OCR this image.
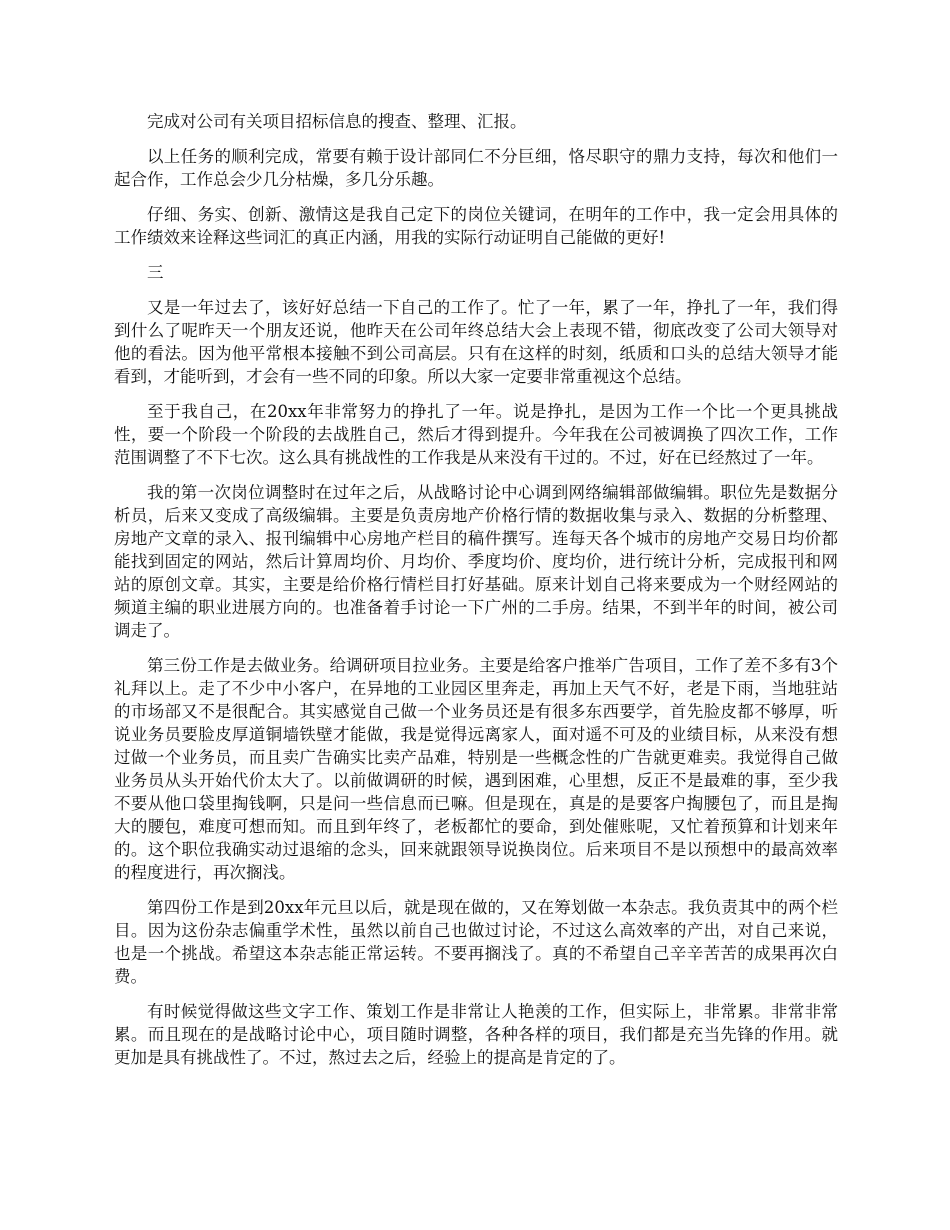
完成对公司有关项目招标信息的搜查、整理、汇报。

以上任务的顺利完成，常要有赖于设计部同仁不分巨细，恪尽职守的鼎力支持，每次和他们一起合作，工作总会少几分枯燥，多几分乐趣。

仔细、务实、创新、激情这是我自己定下的岗位关键词，在明年的工作中，我一定会用具体的工作绩效来诠释这些词汇的真正内涵，用我的实际行动证明自己能做的更好!

三

又是一年过去了，该好好总结一下自己的工作了。忙了一年，累了一年，挣扎了一年，我们得到什么了呢昨天一个朋友还说，他昨天在公司年终总结大会上表现不错，彻底改变了公司大领导对他的看法。因为他平常根本接触不到公司高层。只有在这样的时刻，纸质和口头的总结大领导才能看到，才能听到，才会有一些不同的印象。所以大家一定要非常重视这个总结。

至于我自己，在20xx年非常努力的挣扎了一年。说是挣扎，是因为工作一个比一个更具挑战性，要一个阶段一个阶段的去战胜自己，然后才得到提升。今年我在公司被调换了四次工作，工作范围调整了不下七次。这么具有挑战性的工作我是从来没有干过的。不过，好在已经熬过了一年。

我的第一次岗位调整时在过年之后，从战略讨论中心调到网络编辑部做编辑。职位先是数据分析员，后来又变成了高级编辑。主要是负责房地产价格行情的数据收集与录入、数据的分析整理、房地产文章的录入、报刊编辑中心房地产栏目的稿件撰写。连每天各个城市的房地产交易日均价都能找到固定的网站，然后计算周均价、月均价、季度均价、度均价，进行统计分析，完成报刊和网站的原创文章。其实，主要是给价格行情栏目打好基础。原来计划自己将来要成为一个财经网站的频道主编的职业进展方向的。也准备着手讨论一下广州的二手房。结果，不到半年的时间，被公司调走了。

第三份工作是去做业务。给调研项目拉业务。主要是给客户推举广告项目，工作了差不多有3个礼拜以上。走了不少中小客户，在异地的工业园区里奔走，再加上天气不好，老是下雨，当地驻站的市场部又不是很配合。其实感觉自己做一个业务员还是有很多东西要学，首先脸皮都不够厚，听说业务员要脸皮厚道铜墙铁壁才能做，我是觉得远离家人，面对遥不可及的业绩目标，从来没有想过做一个业务员，而且卖广告确实比卖产品难，特别是一些概念性的广告就更难卖。我觉得自己做业务员从头开始代价太大了。以前做调研的时候，遇到困难，心里想，反正不是最难的事，至少我不要从他口袋里掏钱啊，只是问一些信息而已嘛。但是现在，真是的是要客户掏腰包了，而且是掏大的腰包，难度可想而知。而且到年终了，老板都忙的要命，到处催账呢，又忙着预算和计划来年的。这个职位我确实动过退缩的念头，回来就跟领导说换岗位。后来项目不是以预想中的最高效率的程度进行，再次搁浅。

第四份工作是到20xx年元旦以后，就是现在做的，又在筹划做一本杂志。我负责其中的两个栏目。因为这份杂志偏重学术性，虽然以前自己也做过讨论，不过这么高效率的产出，对自己来说，也是一个挑战。希望这本杂志能正常运转。不要再搁浅了。真的不希望自己辛辛苦苦的成果再次白费。

有时候觉得做这些文字工作、策划工作是非常让人艳羡的工作，但实际上，非常累。非常非常累。而且现在的是战略讨论中心，项目随时调整，各种各样的项目，我们都是充当先锋的作用。就更加是具有挑战性了。不过，熬过去之后，经验上的提高是肯定的了。
